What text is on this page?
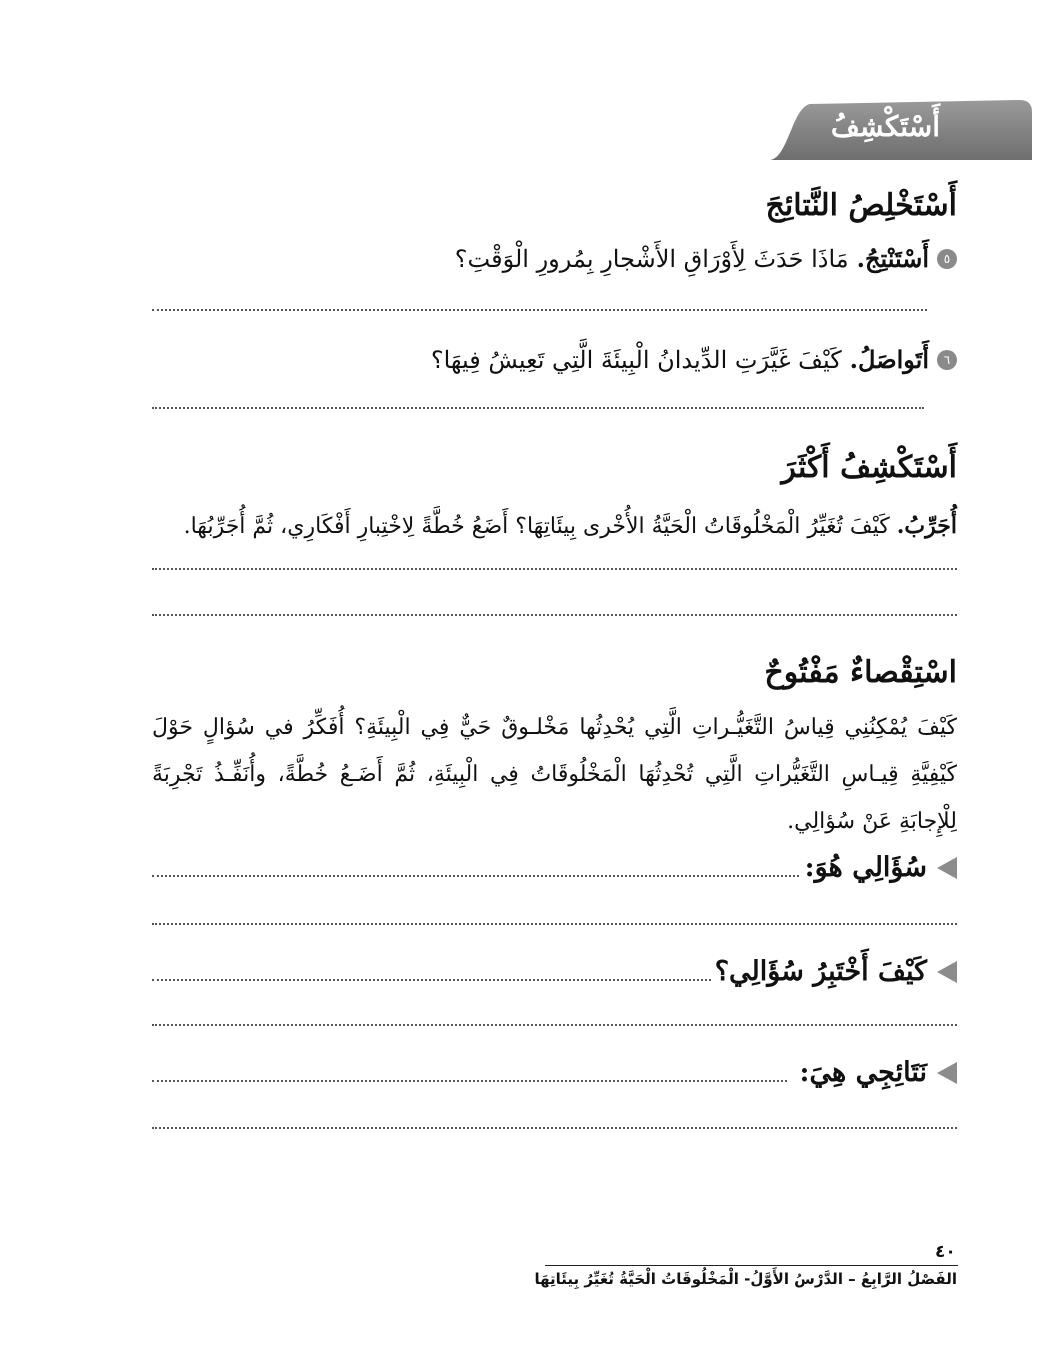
أَسْتَكْشِفُ
أَسْتَخْلِصُ النَّتائِجَ
٥
أَسْتَنْتِجُ.
مَاذَا حَدَثَ لِأَوْرَاقِ الأَشْجارِ بِمُرورِ الْوَقْتِ؟
٦
أَتَواصَلُ.
كَيْفَ غَيَّرَتِ الدِّيدانُ الْبِيئَةَ الَّتِي تَعِيشُ فِيهَا؟
أَسْتَكْشِفُ أَكْثَرَ
أُجَرِّبُ. كَيْفَ تُغَيِّرُ الْمَخْلُوقَاتُ الْحَيَّةُ الأُخْرى بِيئَاتِهَا؟ أَضَعُ خُطَّةً لِاخْتِبارِ أَفْكَارِي، ثُمَّ أُجَرِّبُهَا.
اسْتِقْصاءٌ مَفْتُوحٌ
كَيْفَ يُمْكِنُنِي قِياسُ التَّغَيُّـراتِ الَّتِي يُحْدِثُها مَخْلـوقٌ حَيٌّ فِي الْبِيئَةِ؟ أُفَكِّرُ في سُؤالٍ حَوْلَ كَيْفِيَّةِ قِيـاسِ التَّغَيُّراتِ الَّتِي تُحْدِثُهَا الْمَخْلُوقَاتُ فِي الْبِيئَةِ، ثُمَّ أَضَـعُ خُطَّةً، وأُنَفِّـذُ تَجْرِبَةً لِلْإِجابَةِ عَنْ سُؤالِي.
سُؤَالِي هُوَ:
كَيْفَ أَخْتَبِرُ سُؤَالِي؟
نَتَائِجِي هِيَ:
٤٠
الفَصْلُ الرَّابِعُ – الدَّرْسُ الأَوَّلُ- الْمَخْلُوقَاتُ الْحَيَّةُ تُغَيِّرُ بِيئَاتِهَا
